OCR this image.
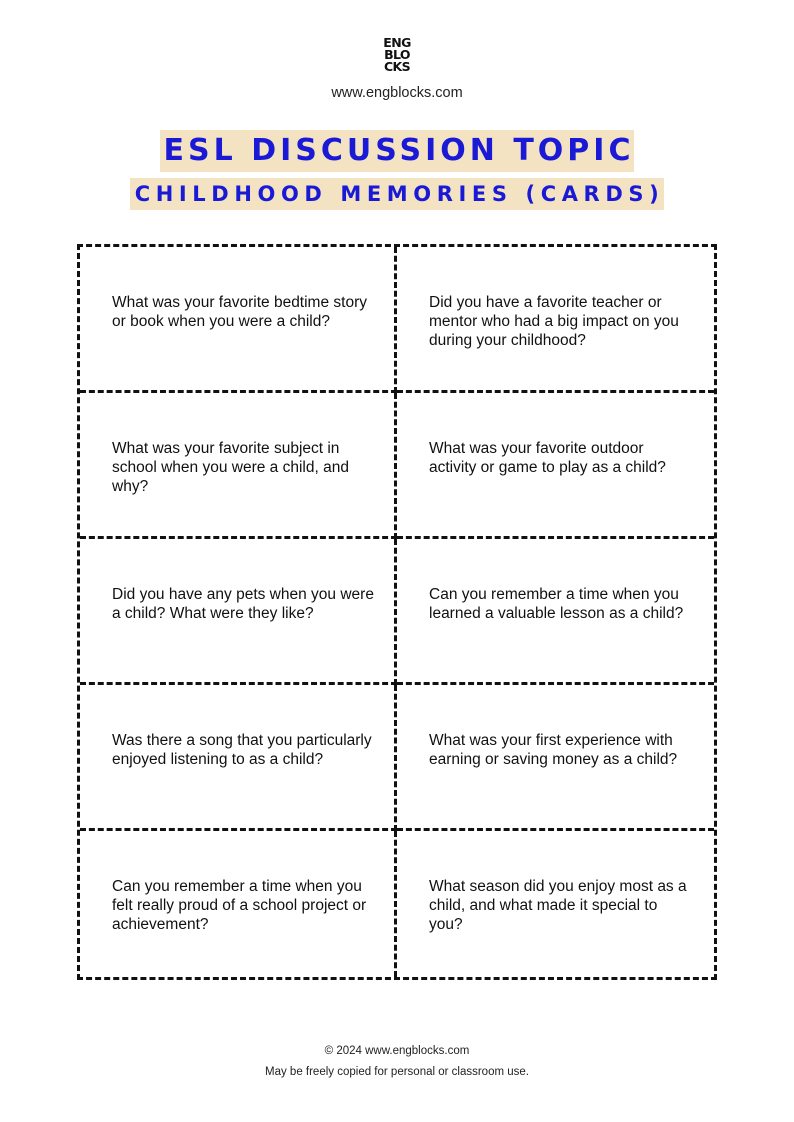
ENG
BLO
CKS
www.engblocks.com
ESL DISCUSSION TOPIC
CHILDHOOD MEMORIES (CARDS)
What was your favorite bedtime story or book when you were a child?
Did you have a favorite teacher or mentor who had a big impact on you during your childhood?
What was your favorite subject in school when you were a child, and why?
What was your favorite outdoor activity or game to play as a child?
Did you have any pets when you were a child? What were they like?
Can you remember a time when you learned a valuable lesson as a child?
Was there a song that you particularly enjoyed listening to as a child?
What was your first experience with earning or saving money as a child?
Can you remember a time when you felt really proud of a school project or achievement?
What season did you enjoy most as a child, and what made it special to you?
© 2024 www.engblocks.com
May be freely copied for personal or classroom use.
